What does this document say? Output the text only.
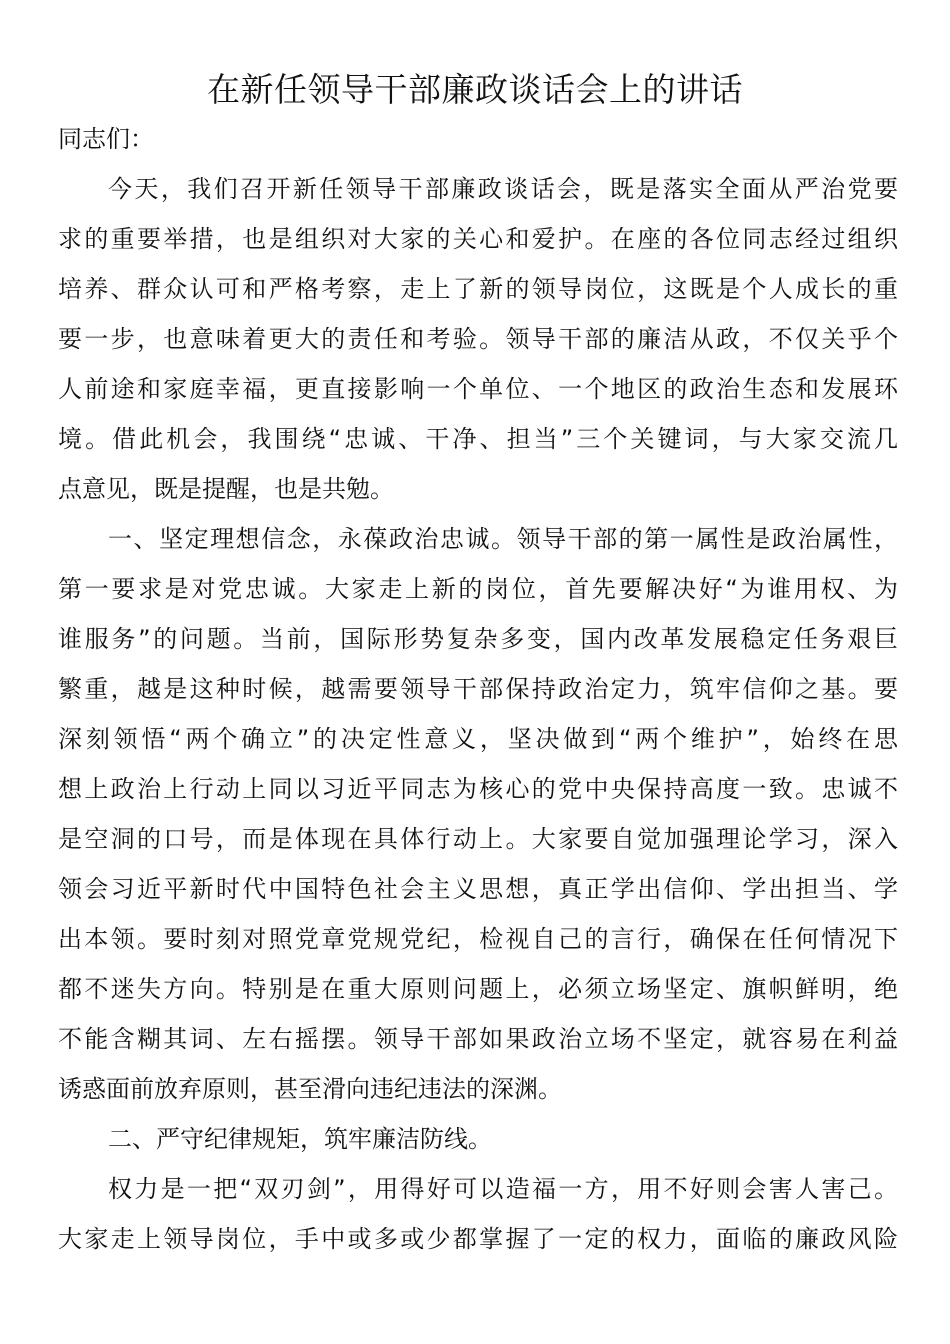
在新任领导干部廉政谈话会上的讲话
同志们：
今天，我们召开新任领导干部廉政谈话会，既是落实全面从严治党要
求的重要举措，也是组织对大家的关心和爱护。在座的各位同志经过组织
培养、群众认可和严格考察，走上了新的领导岗位，这既是个人成长的重
要一步，也意味着更大的责任和考验。领导干部的廉洁从政，不仅关乎个
人前途和家庭幸福，更直接影响一个单位、一个地区的政治生态和发展环
境。借此机会，我围绕“忠诚、干净、担当”三个关键词，与大家交流几
点意见，既是提醒，也是共勉。
一、坚定理想信念，永葆政治忠诚。领导干部的第一属性是政治属性，
第一要求是对党忠诚。大家走上新的岗位，首先要解决好“为谁用权、为
谁服务”的问题。当前，国际形势复杂多变，国内改革发展稳定任务艰巨
繁重，越是这种时候，越需要领导干部保持政治定力，筑牢信仰之基。要
深刻领悟“两个确立”的决定性意义，坚决做到“两个维护”，始终在思
想上政治上行动上同以习近平同志为核心的党中央保持高度一致。忠诚不
是空洞的口号，而是体现在具体行动上。大家要自觉加强理论学习，深入
领会习近平新时代中国特色社会主义思想，真正学出信仰、学出担当、学
出本领。要时刻对照党章党规党纪，检视自己的言行，确保在任何情况下
都不迷失方向。特别是在重大原则问题上，必须立场坚定、旗帜鲜明，绝
不能含糊其词、左右摇摆。领导干部如果政治立场不坚定，就容易在利益
诱惑面前放弃原则，甚至滑向违纪违法的深渊。
二、严守纪律规矩，筑牢廉洁防线。
权力是一把“双刃剑”，用得好可以造福一方，用不好则会害人害己。
大家走上领导岗位，手中或多或少都掌握了一定的权力，面临的廉政风险
